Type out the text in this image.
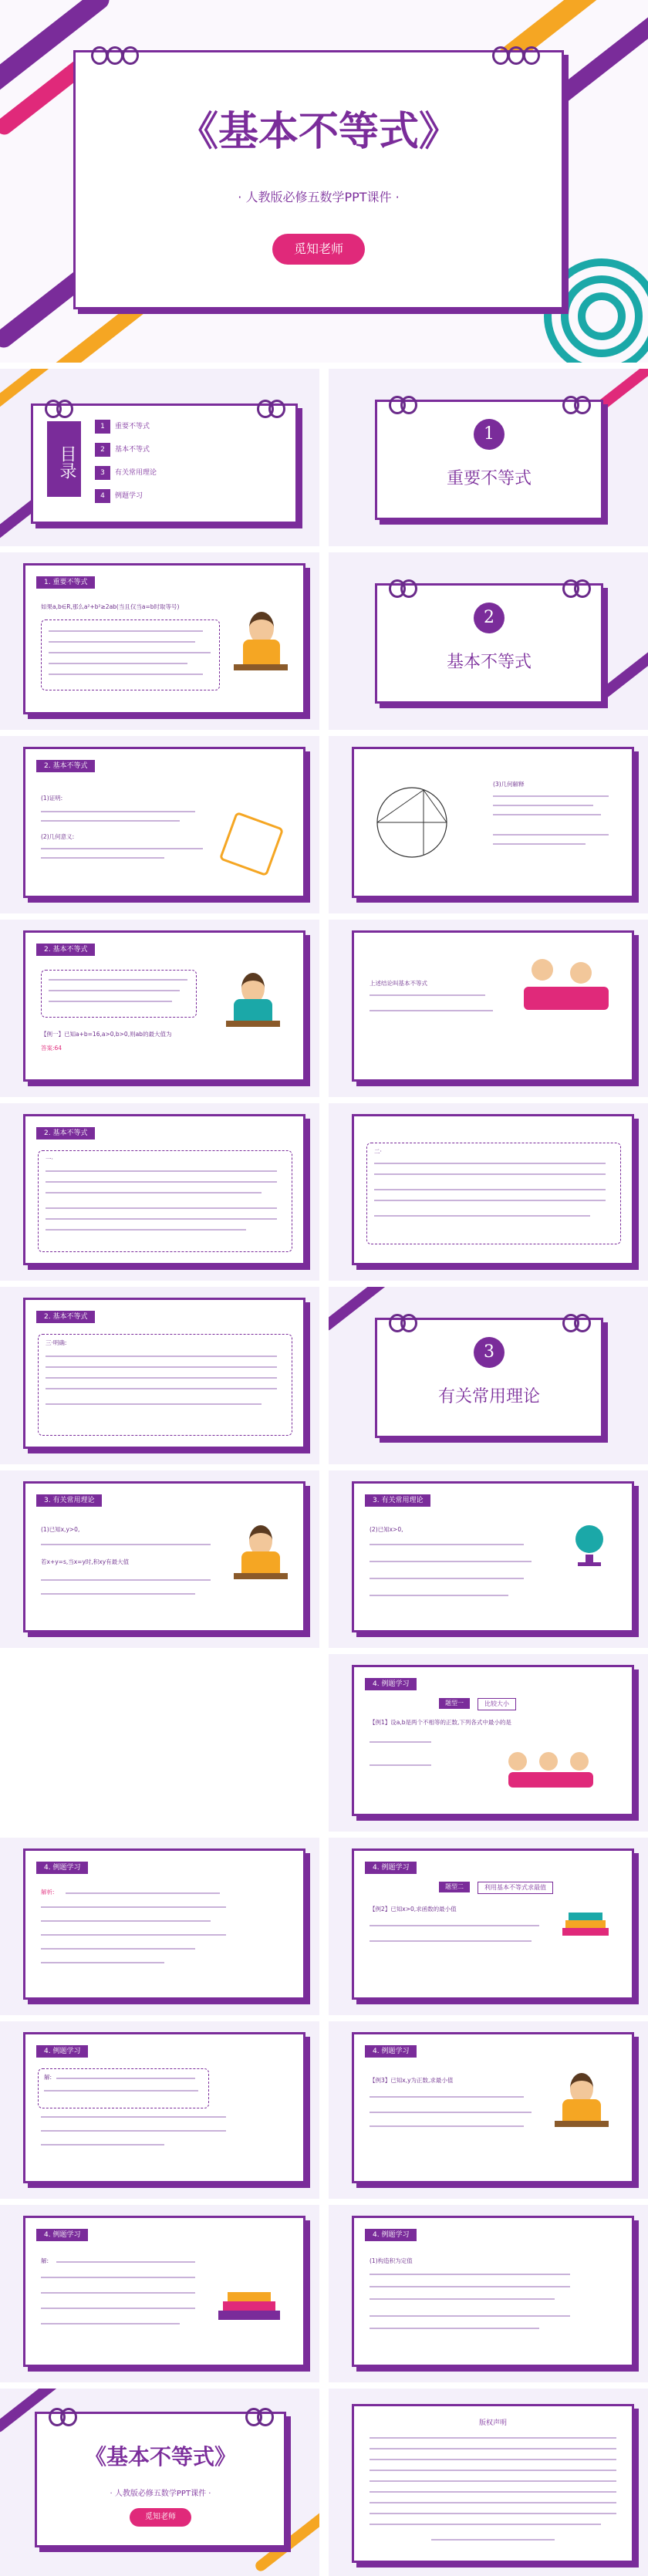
《基本不等式》
· 人教版必修五数学PPT课件 ·
觅知老师
目录
1	重要不等式
2	基本不等式
3	有关常用理论
4	例题学习
1
重要不等式
1. 重要不等式
如果a,b∈R,那么a²+b²≥2ab(当且仅当a=b时取等号)
2
基本不等式
2. 基本不等式
(1)证明:
(2)几何意义:
(3)几何解释
2. 基本不等式
【例一】已知a+b=16,a>0,b>0,则ab的最大值为
答案:64
上述结论叫基本不等式
2. 基本不等式
一·
二·
2. 基本不等式
三·明确:	3
有关常用理论
3. 有关常用理论
(1)已知x,y>0,
若x+y=s,当x=y时,积xy有最大值
3. 有关常用理论
(2)已知x>0,
4. 例题学习
题型一	比较大小
【例1】设a,b是两个不相等的正数,下列各式中最小的是
4. 例题学习
解析:
4. 例题学习
题型二	利用基本不等式求最值
【例2】已知x>0,求函数的最小值
4. 例题学习
解:
4. 例题学习
【例3】已知x,y为正数,求最小值
4. 例题学习
解:
4. 例题学习
(1)构造积为定值
《基本不等式》
· 人教版必修五数学PPT课件 ·
觅知老师
版权声明
